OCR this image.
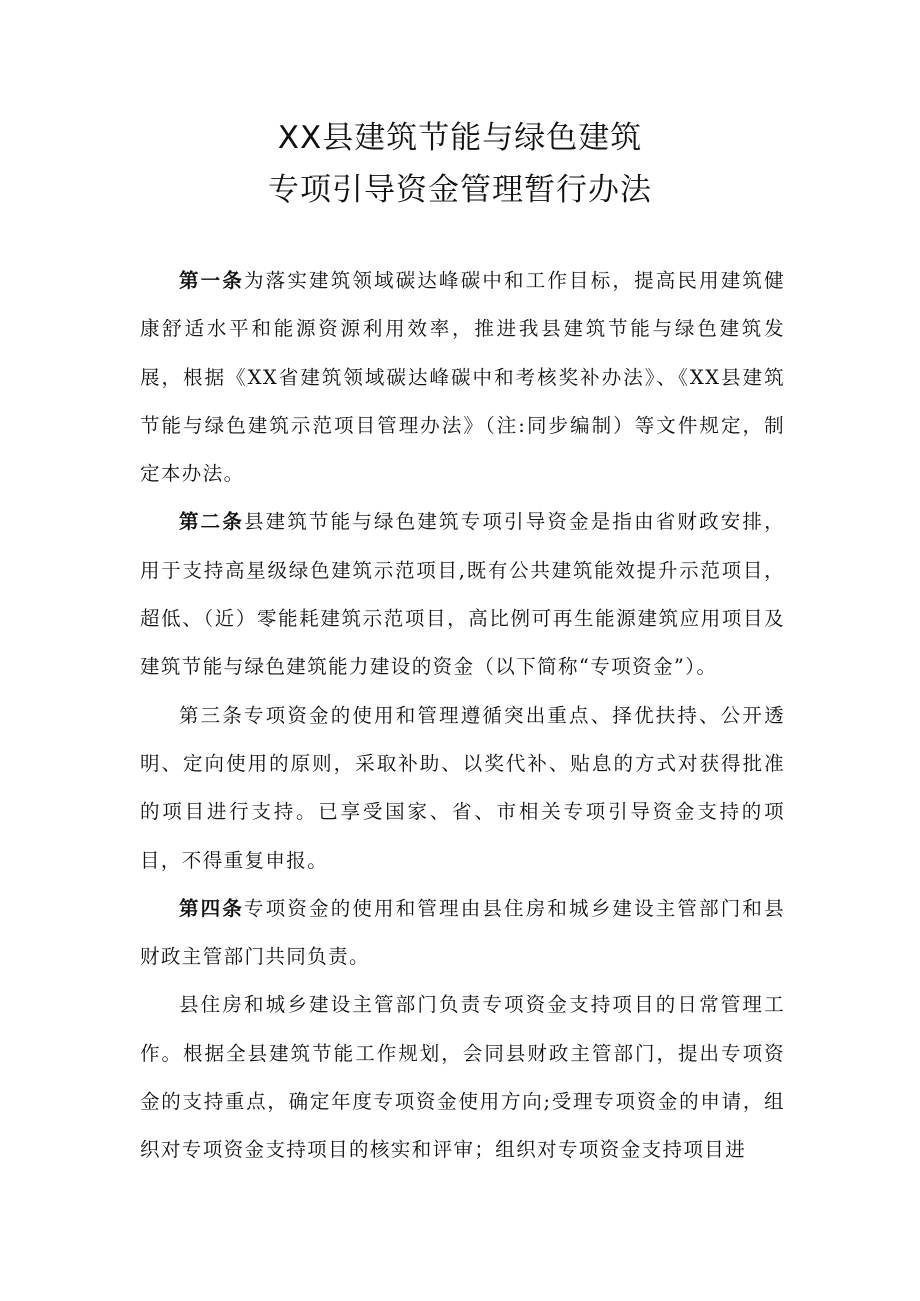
XX县建筑节能与绿色建筑
专项引导资金管理暂行办法

第一条为落实建筑领域碳达峰碳中和工作目标，提高民用建筑健康舒适水平和能源资源利用效率，推进我县建筑节能与绿色建筑发展，根据《XX省建筑领域碳达峰碳中和考核奖补办法》、《XX县建筑节能与绿色建筑示范项目管理办法》（注:同步编制）等文件规定，制定本办法。

第二条县建筑节能与绿色建筑专项引导资金是指由省财政安排，用于支持高星级绿色建筑示范项目,既有公共建筑能效提升示范项目，超低、（近）零能耗建筑示范项目，高比例可再生能源建筑应用项目及建筑节能与绿色建筑能力建设的资金（以下简称“专项资金”）。

第三条专项资金的使用和管理遵循突出重点、择优扶持、公开透明、定向使用的原则，采取补助、以奖代补、贴息的方式对获得批准的项目进行支持。已享受国家、省、市相关专项引导资金支持的项目，不得重复申报。

第四条专项资金的使用和管理由县住房和城乡建设主管部门和县财政主管部门共同负责。

县住房和城乡建设主管部门负责专项资金支持项目的日常管理工作。根据全县建筑节能工作规划，会同县财政主管部门，提出专项资金的支持重点，确定年度专项资金使用方向;受理专项资金的申请，组织对专项资金支持项目的核实和评审；组织对专项资金支持项目进
